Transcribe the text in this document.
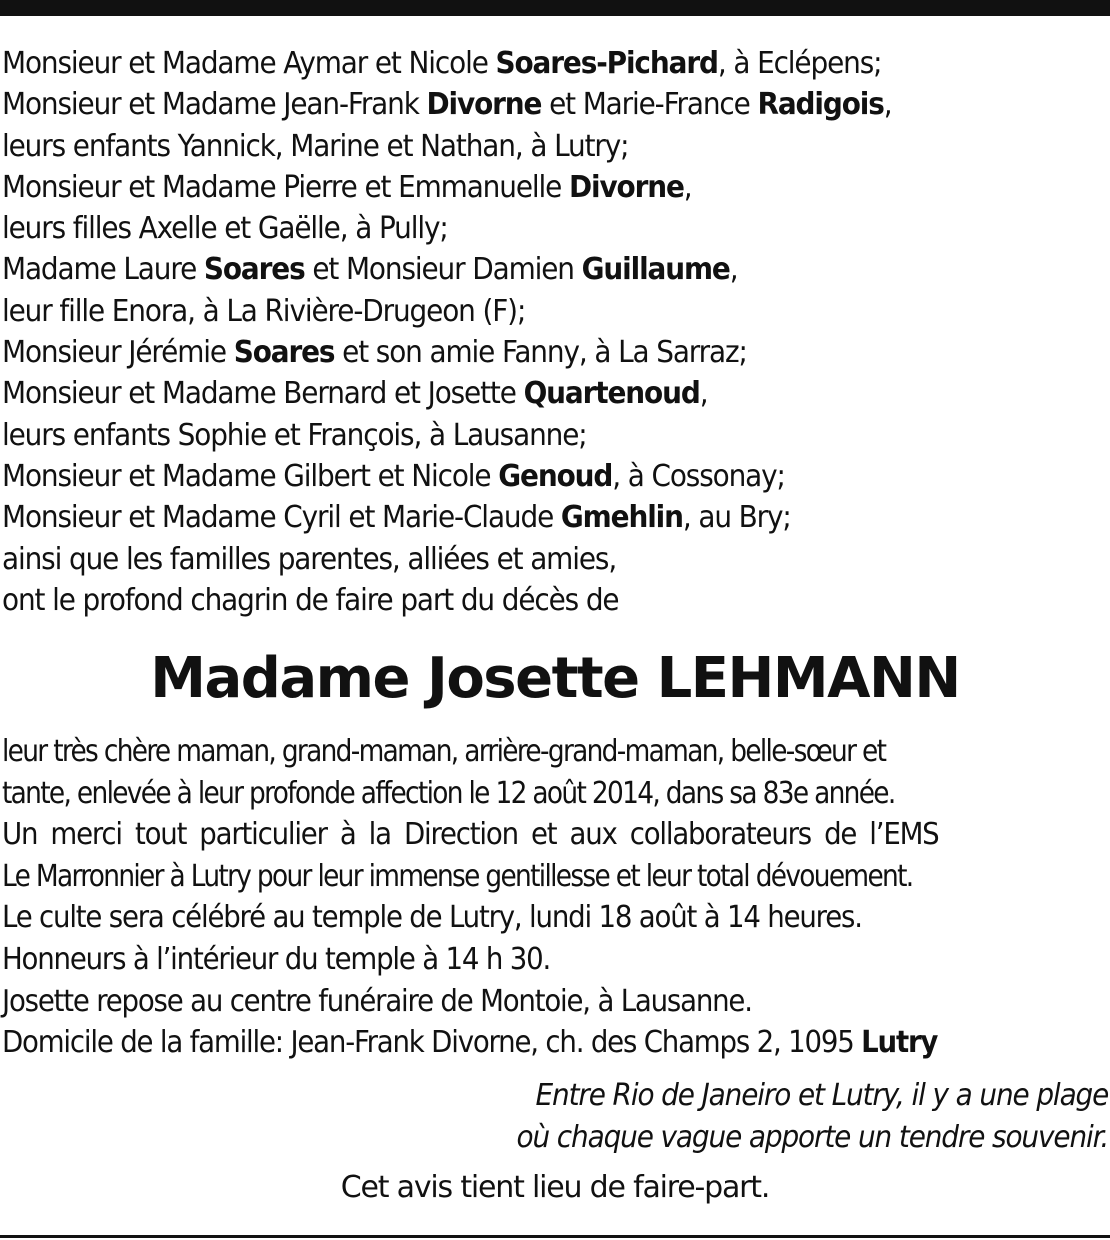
Monsieur et Madame Aymar et Nicole Soares-Pichard, à Eclépens;
Monsieur et Madame Jean-Frank Divorne et Marie-France Radigois,
leurs enfants Yannick, Marine et Nathan, à Lutry;
Monsieur et Madame Pierre et Emmanuelle Divorne,
leurs filles Axelle et Gaëlle, à Pully;
Madame Laure Soares et Monsieur Damien Guillaume,
leur fille Enora, à La Rivière-Drugeon (F);
Monsieur Jérémie Soares et son amie Fanny, à La Sarraz;
Monsieur et Madame Bernard et Josette Quartenoud,
leurs enfants Sophie et François, à Lausanne;
Monsieur et Madame Gilbert et Nicole Genoud, à Cossonay;
Monsieur et Madame Cyril et Marie-Claude Gmehlin, au Bry;
ainsi que les familles parentes, alliées et amies,
ont le profond chagrin de faire part du décès de
Madame Josette LEHMANN
leur très chère maman, grand-maman, arrière-grand-maman, belle-sœur et
tante, enlevée à leur profonde affection le 12 août 2014, dans sa 83e année.
Un merci tout particulier à la Direction et aux collaborateurs de l’EMS
Le Marronnier à Lutry pour leur immense gentillesse et leur total dévouement.
Le culte sera célébré au temple de Lutry, lundi 18 août à 14 heures.
Honneurs à l’intérieur du temple à 14 h 30.
Josette repose au centre funéraire de Montoie, à Lausanne.
Domicile de la famille: Jean-Frank Divorne, ch. des Champs 2, 1095 Lutry
Entre Rio de Janeiro et Lutry, il y a une plage
où chaque vague apporte un tendre souvenir.
Cet avis tient lieu de faire-part.
